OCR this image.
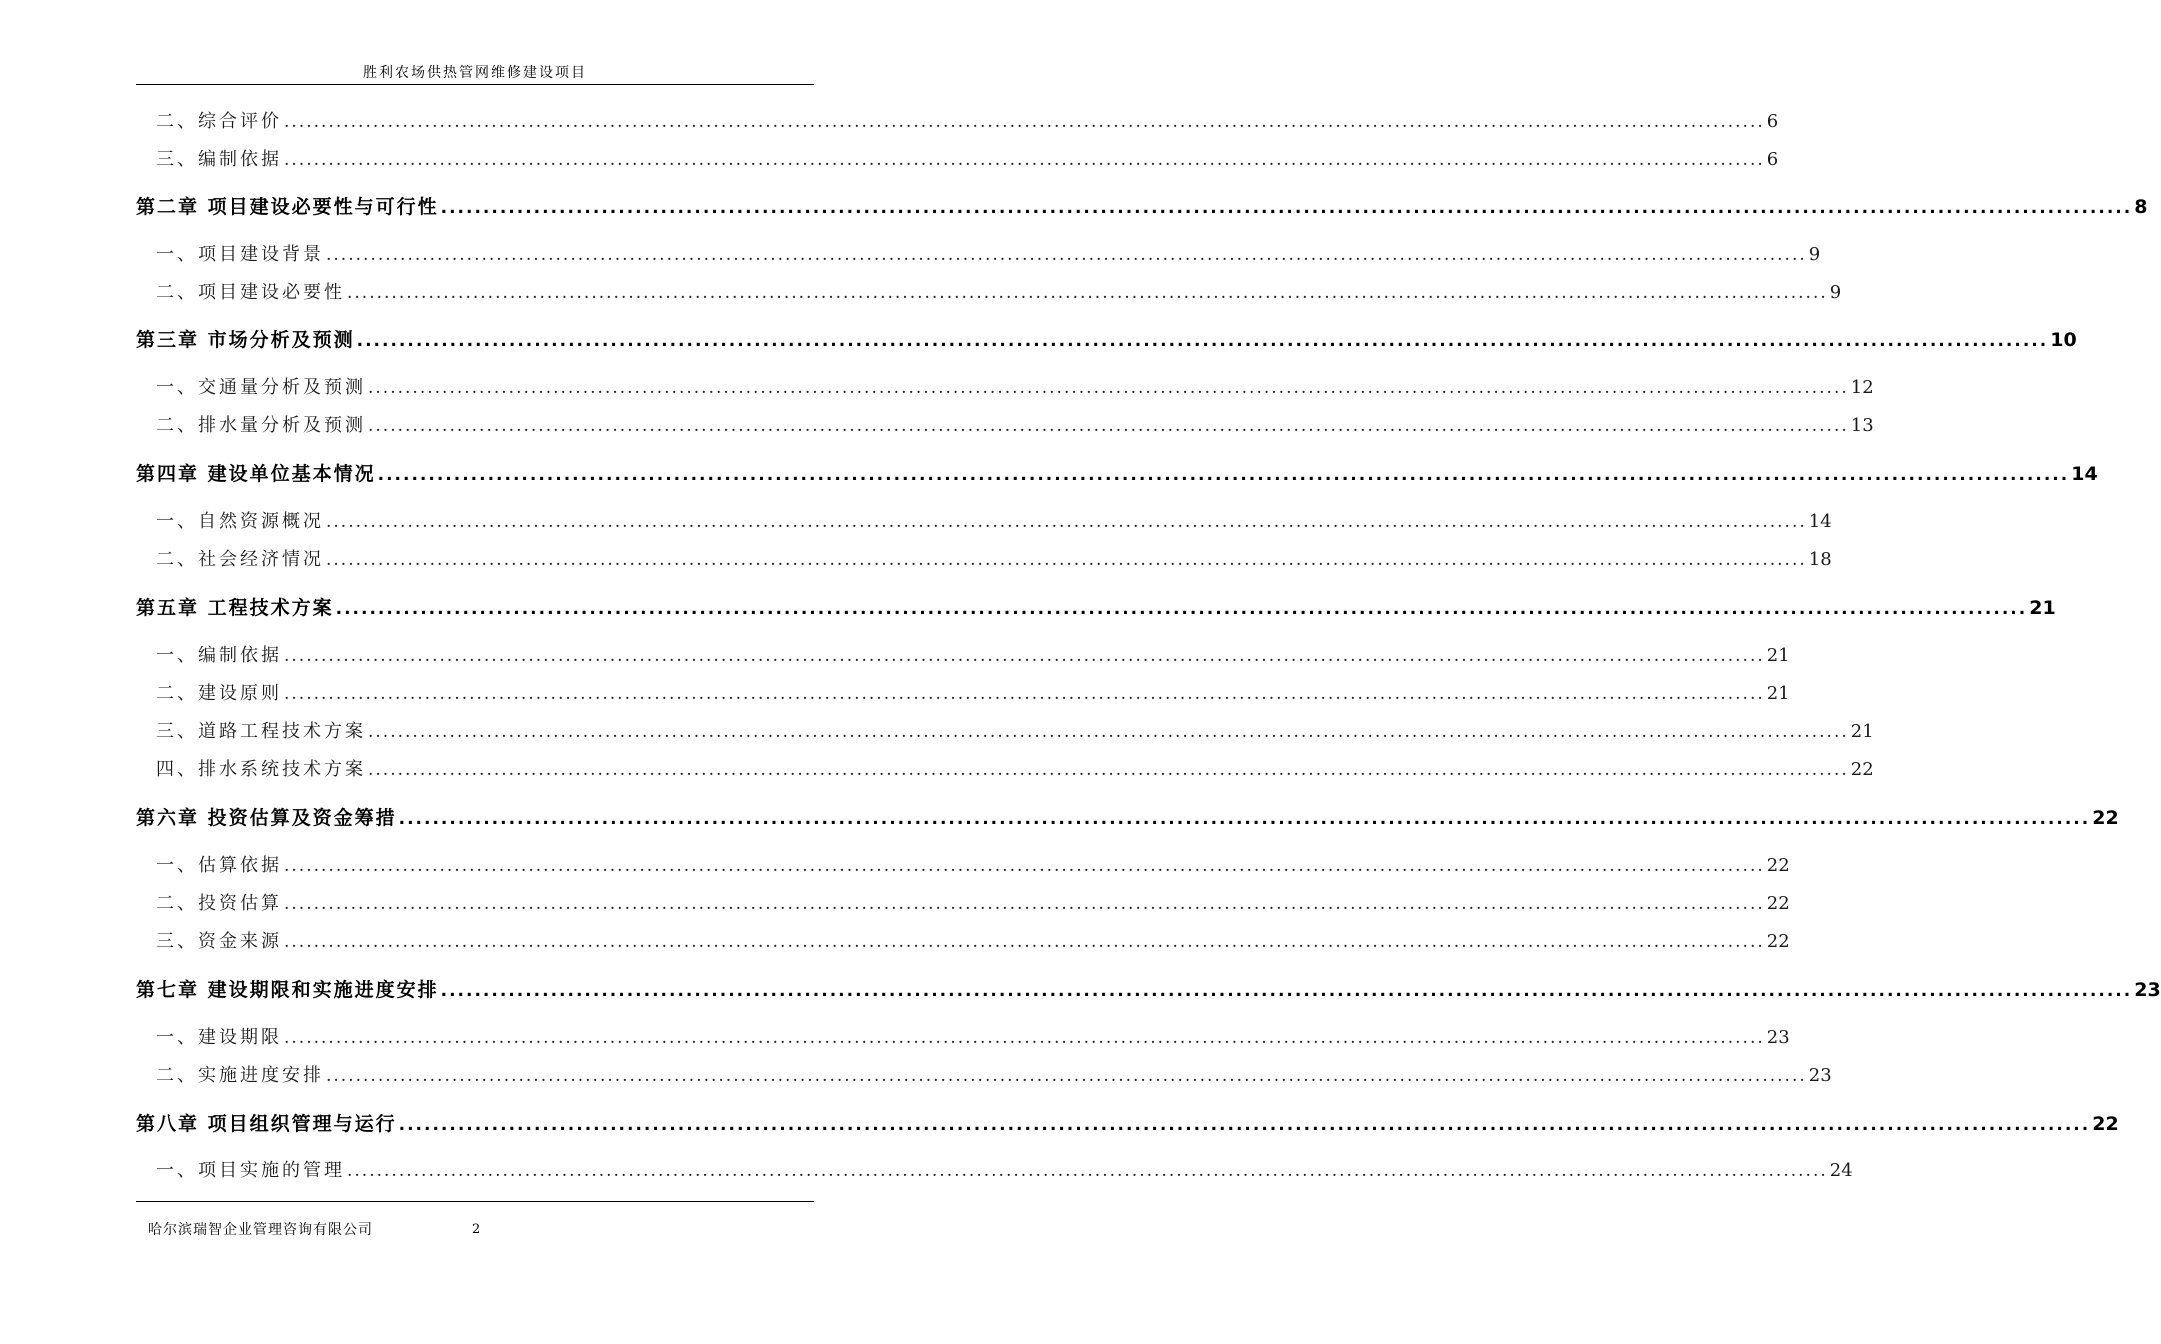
胜利农场供热管网维修建设项目
二、综合评价 ........................................................................................................................................................................................................ 6
三、编制依据 ........................................................................................................................................................................................................ 6
第二章 项目建设必要性与可行性 ........................................................................................................................................................................................................ 8
一、项目建设背景 ........................................................................................................................................................................................................ 9
二、项目建设必要性 ........................................................................................................................................................................................................ 9
第三章 市场分析及预测 ........................................................................................................................................................................................................ 10
一、交通量分析及预测 ........................................................................................................................................................................................................ 12
二、排水量分析及预测 ........................................................................................................................................................................................................ 13
第四章 建设单位基本情况 ........................................................................................................................................................................................................ 14
一、自然资源概况 ........................................................................................................................................................................................................ 14
二、社会经济情况 ........................................................................................................................................................................................................ 18
第五章 工程技术方案 ........................................................................................................................................................................................................ 21
一、编制依据 ........................................................................................................................................................................................................ 21
二、建设原则 ........................................................................................................................................................................................................ 21
三、道路工程技术方案 ........................................................................................................................................................................................................ 21
四、排水系统技术方案 ........................................................................................................................................................................................................ 22
第六章 投资估算及资金筹措 ........................................................................................................................................................................................................ 22
一、估算依据 ........................................................................................................................................................................................................ 22
二、投资估算 ........................................................................................................................................................................................................ 22
三、资金来源 ........................................................................................................................................................................................................ 22
第七章 建设期限和实施进度安排 ........................................................................................................................................................................................................ 23
一、建设期限 ........................................................................................................................................................................................................ 23
二、实施进度安排 ........................................................................................................................................................................................................ 23
第八章 项目组织管理与运行 ........................................................................................................................................................................................................ 22
一、项目实施的管理 ........................................................................................................................................................................................................ 24
哈尔滨瑞智企业管理咨询有限公司	2
